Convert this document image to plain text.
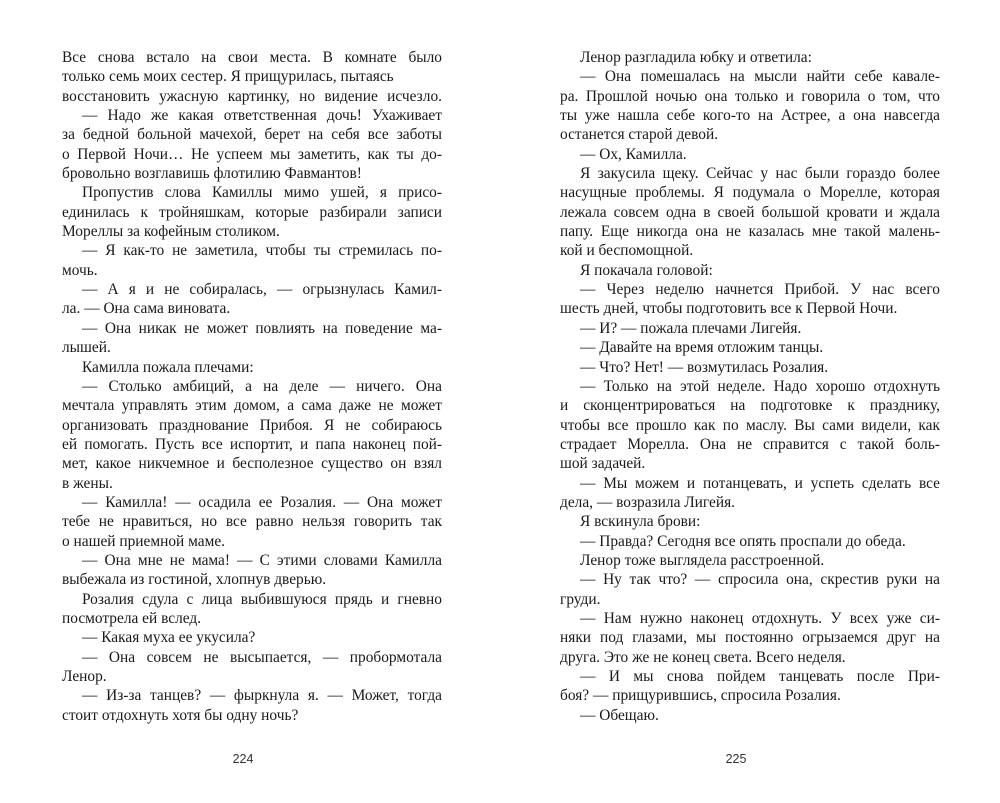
Все снова встало на свои места. В комнате было
только семь моих сестер. Я прищурилась, пытаясь
восстановить ужасную картинку, но видение исчезло.
— Надо же какая ответственная дочь! Ухаживает
за бедной больной мачехой, берет на себя все заботы
о Первой Ночи… Не успеем мы заметить, как ты до-
бровольно возглавишь флотилию Фавмантов!
Пропустив слова Камиллы мимо ушей, я присо-
единилась к тройняшкам, которые разбирали записи
Мореллы за кофейным столиком.
— Я как-то не заметила, чтобы ты стремилась по-
мочь.
— А я и не собиралась, — огрызнулась Камил-
ла. — Она сама виновата.
— Она никак не может повлиять на поведение ма-
лышей.
Камилла пожала плечами:
— Столько амбиций, а на деле — ничего. Она
мечтала управлять этим домом, а сама даже не может
организовать празднование Прибоя. Я не собираюсь
ей помогать. Пусть все испортит, и папа наконец пой-
мет, какое никчемное и бесполезное существо он взял
в жены.
— Камилла! — осадила ее Розалия. — Она может
тебе не нравиться, но все равно нельзя говорить так
о нашей приемной маме.
— Она мне не мама! — С этими словами Камилла
выбежала из гостиной, хлопнув дверью.
Розалия сдула с лица выбившуюся прядь и гневно
посмотрела ей вслед.
— Какая муха ее укусила?
— Она совсем не высыпается, — пробормотала
Ленор.
— Из-за танцев? — фыркнула я. — Может, тогда
стоит отдохнуть хотя бы одну ночь?
Ленор разгладила юбку и ответила:
— Она помешалась на мысли найти себе кавале-
ра. Прошлой ночью она только и говорила о том, что
ты уже нашла себе кого-то на Астрее, а она навсегда
останется старой девой.
— Ох, Камилла.
Я закусила щеку. Сейчас у нас были гораздо более
насущные проблемы. Я подумала о Морелле, которая
лежала совсем одна в своей большой кровати и ждала
папу. Еще никогда она не казалась мне такой малень-
кой и беспомощной.
Я покачала головой:
— Через неделю начнется Прибой. У нас всего
шесть дней, чтобы подготовить все к Первой Ночи.
— И? — пожала плечами Лигейя.
— Давайте на время отложим танцы.
— Что? Нет! — возмутилась Розалия.
— Только на этой неделе. Надо хорошо отдохнуть
и сконцентрироваться на подготовке к празднику,
чтобы все прошло как по маслу. Вы сами видели, как
страдает Морелла. Она не справится с такой боль-
шой задачей.
— Мы можем и потанцевать, и успеть сделать все
дела, — возразила Лигейя.
Я вскинула брови:
— Правда? Сегодня все опять проспали до обеда.
Ленор тоже выглядела расстроенной.
— Ну так что? — спросила она, скрестив руки на
груди.
— Нам нужно наконец отдохнуть. У всех уже си-
няки под глазами, мы постоянно огрызаемся друг на
друга. Это же не конец света. Всего неделя.
— И мы снова пойдем танцевать после При-
боя? — прищурившись, спросила Розалия.
— Обещаю.
224	225
